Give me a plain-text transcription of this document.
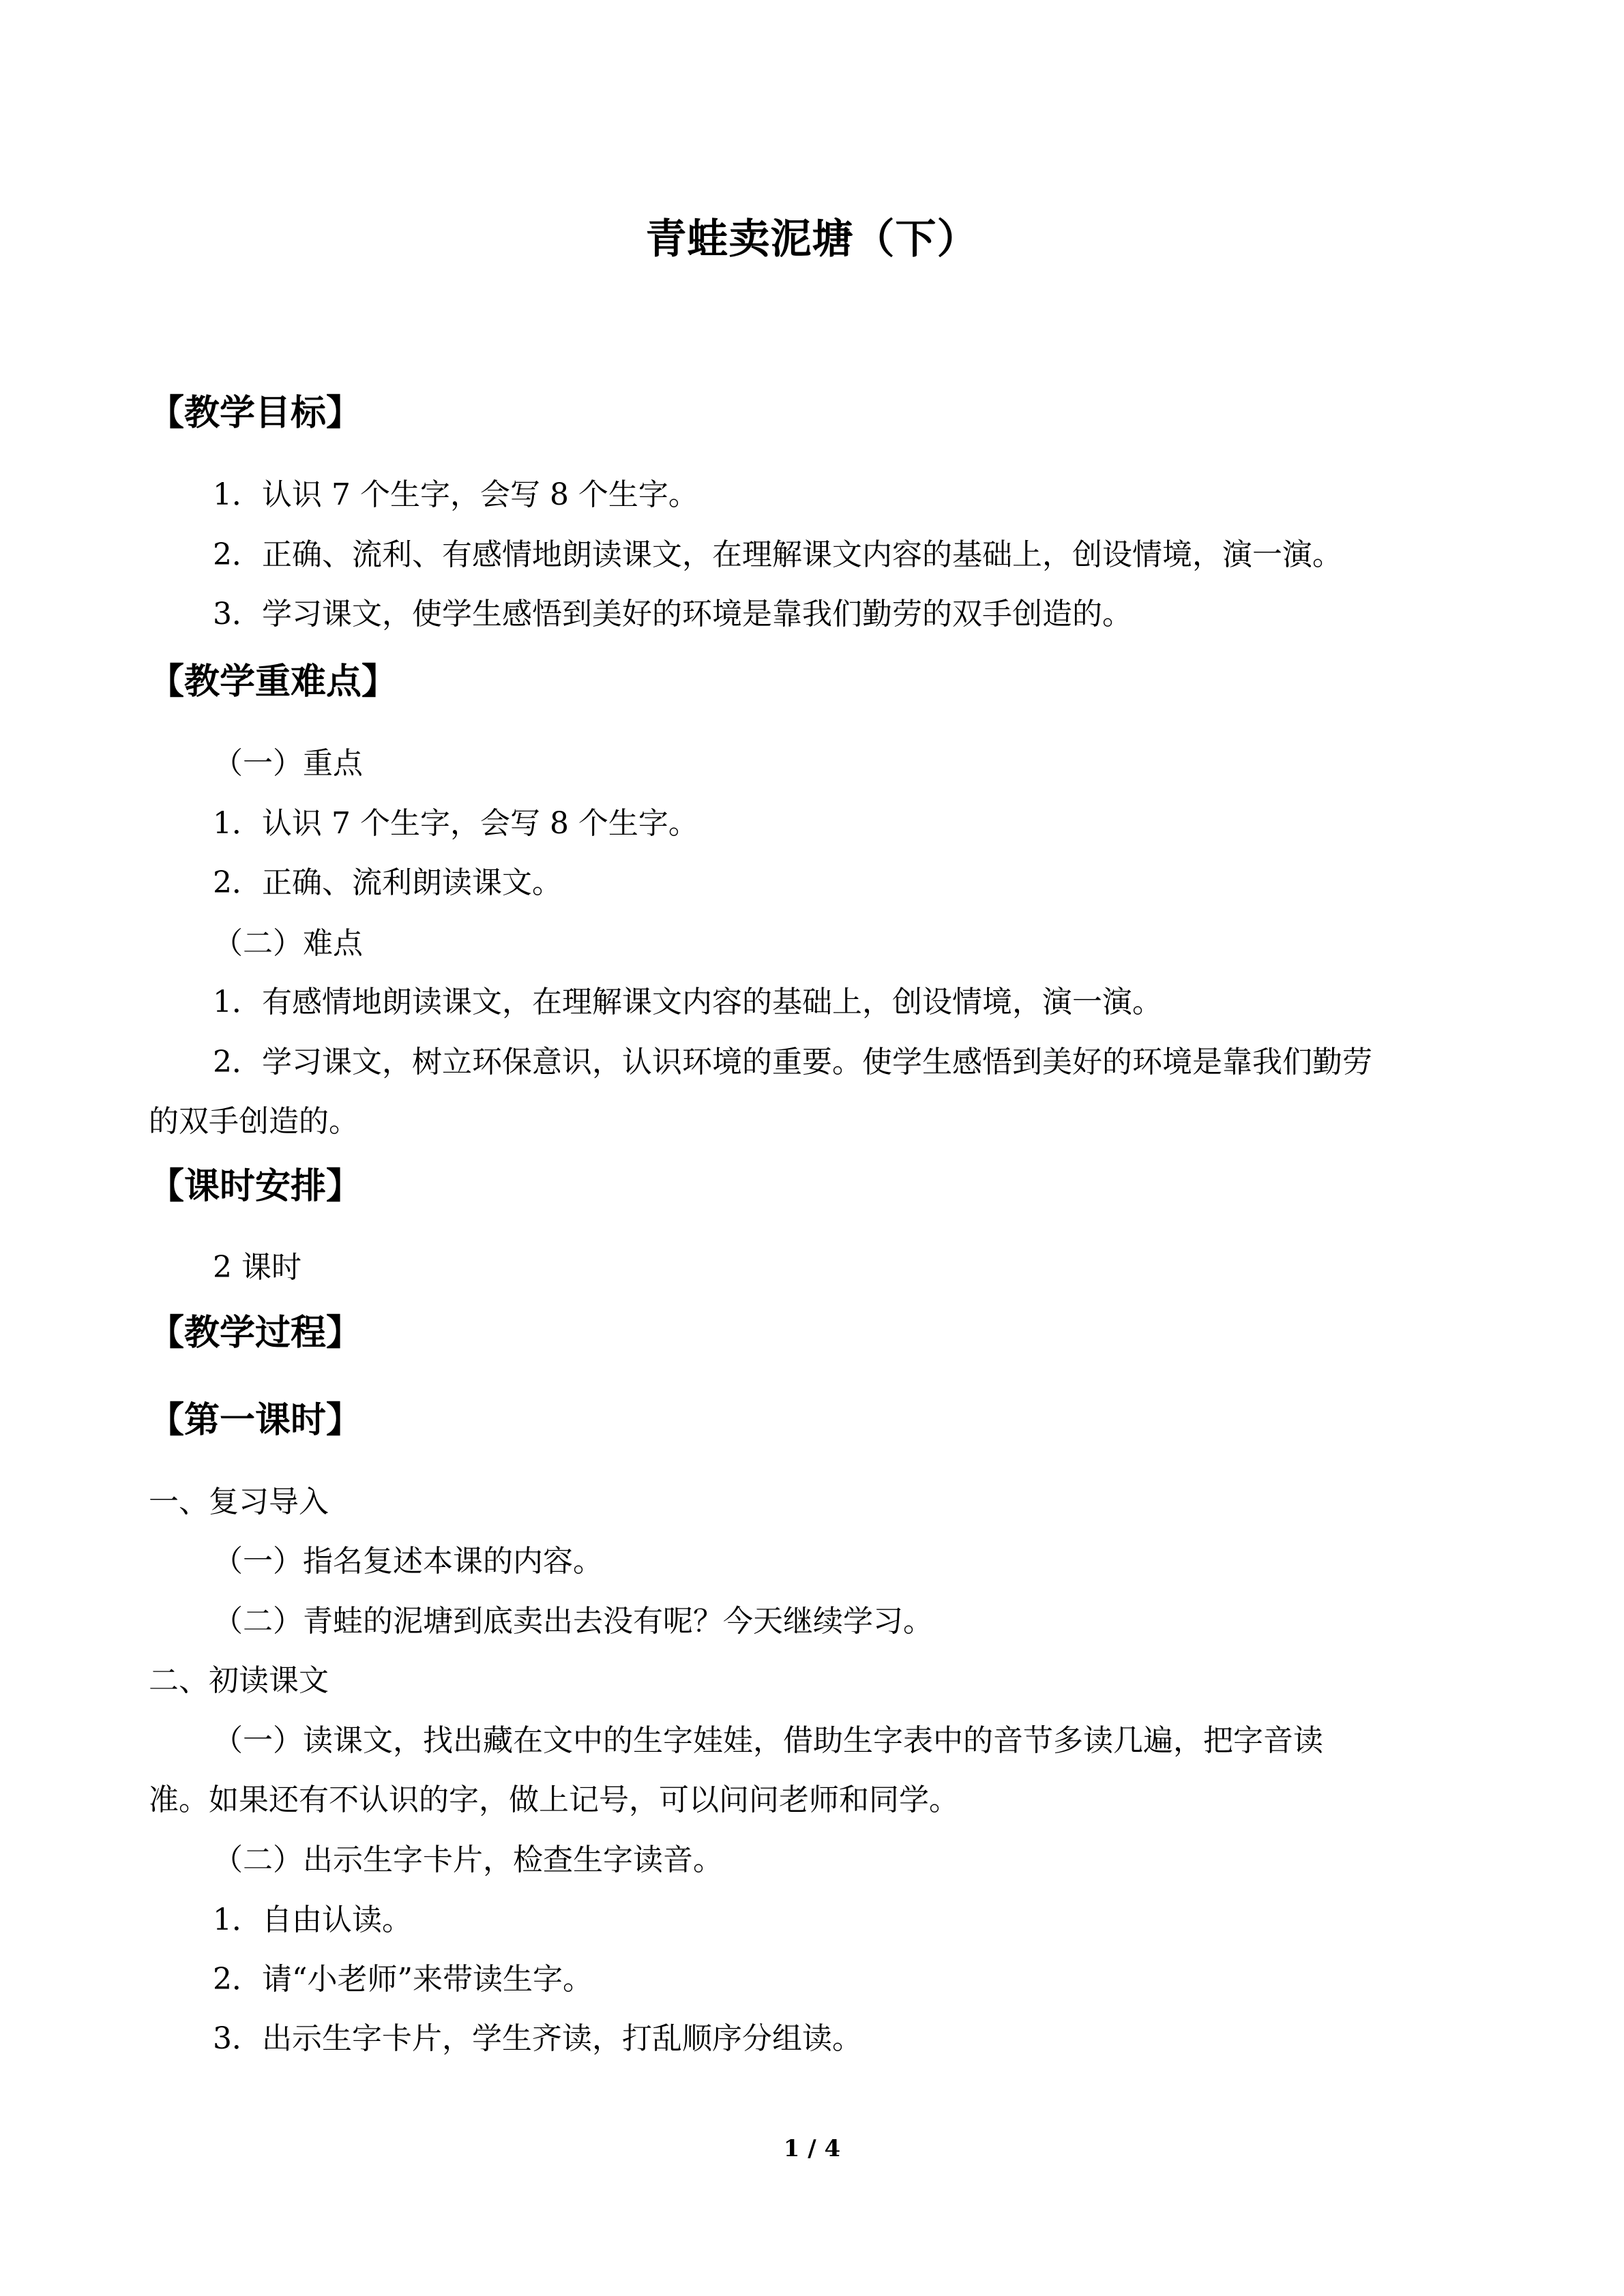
青蛙卖泥塘（下）
【教学目标】
1．认识 7 个生字，会写 8 个生字。
2．正确、流利、有感情地朗读课文，在理解课文内容的基础上，创设情境，演一演。
3．学习课文，使学生感悟到美好的环境是靠我们勤劳的双手创造的。
【教学重难点】
（一）重点
1．认识 7 个生字，会写 8 个生字。
2．正确、流利朗读课文。
（二）难点
1．有感情地朗读课文，在理解课文内容的基础上，创设情境，演一演。
2．学习课文，树立环保意识，认识环境的重要。使学生感悟到美好的环境是靠我们勤劳
的双手创造的。
【课时安排】
2 课时
【教学过程】
【第一课时】
一、复习导入
（一）指名复述本课的内容。
（二）青蛙的泥塘到底卖出去没有呢？今天继续学习。
二、初读课文
（一）读课文，找出藏在文中的生字娃娃，借助生字表中的音节多读几遍，把字音读
准。如果还有不认识的字，做上记号，可以问问老师和同学。
（二）出示生字卡片，检查生字读音。
1．自由认读。
2．请“小老师”来带读生字。
3．出示生字卡片，学生齐读，打乱顺序分组读。
1 / 4
